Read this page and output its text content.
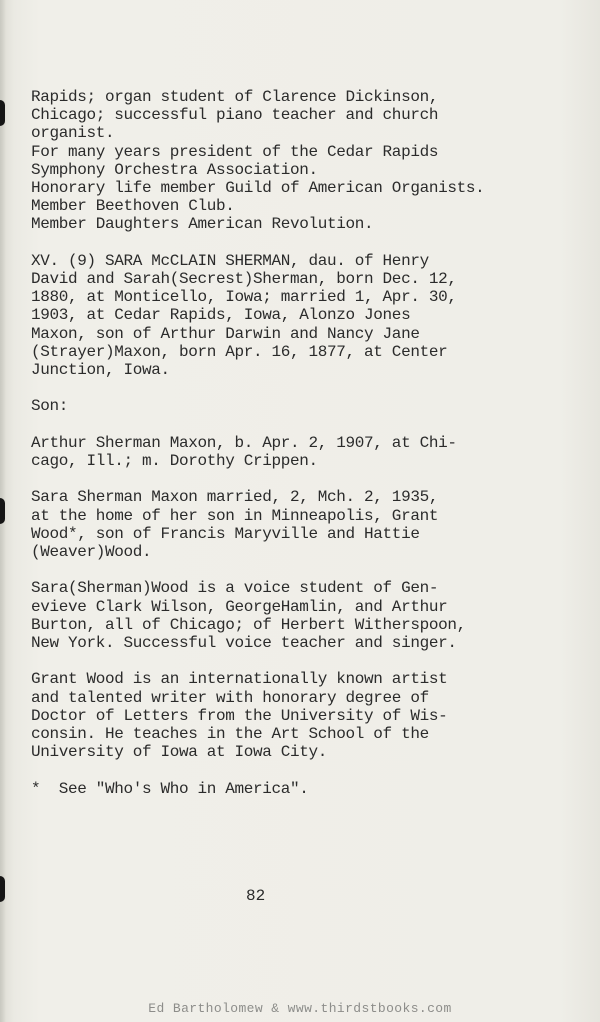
Rapids; organ student of Clarence Dickinson,
Chicago; successful piano teacher and church
organist.
For many years president of the Cedar Rapids
Symphony Orchestra Association.
Honorary life member Guild of American Organists.
Member Beethoven Club.
Member Daughters American Revolution.
XV. (9) SARA McCLAIN SHERMAN, dau. of Henry
David and Sarah(Secrest)Sherman, born Dec. 12,
1880, at Monticello, Iowa; married 1, Apr. 30,
1903, at Cedar Rapids, Iowa, Alonzo Jones
Maxon, son of Arthur Darwin and Nancy Jane
(Strayer)Maxon, born Apr. 16, 1877, at Center
Junction, Iowa.
Son:
Arthur Sherman Maxon, b. Apr. 2, 1907, at Chi-
cago, Ill.; m. Dorothy Crippen.
Sara Sherman Maxon married, 2, Mch. 2, 1935,
at the home of her son in Minneapolis, Grant
Wood*, son of Francis Maryville and Hattie
(Weaver)Wood.
Sara(Sherman)Wood is a voice student of Gen-
evieve Clark Wilson, GeorgeHamlin, and Arthur
Burton, all of Chicago; of Herbert Witherspoon,
New York. Successful voice teacher and singer.
Grant Wood is an internationally known artist
and talented writer with honorary degree of
Doctor of Letters from the University of Wis-
consin. He teaches in the Art School of the
University of Iowa at Iowa City.
*  See "Who's Who in America".
82
Ed Bartholomew & www.thirdstbooks.com
